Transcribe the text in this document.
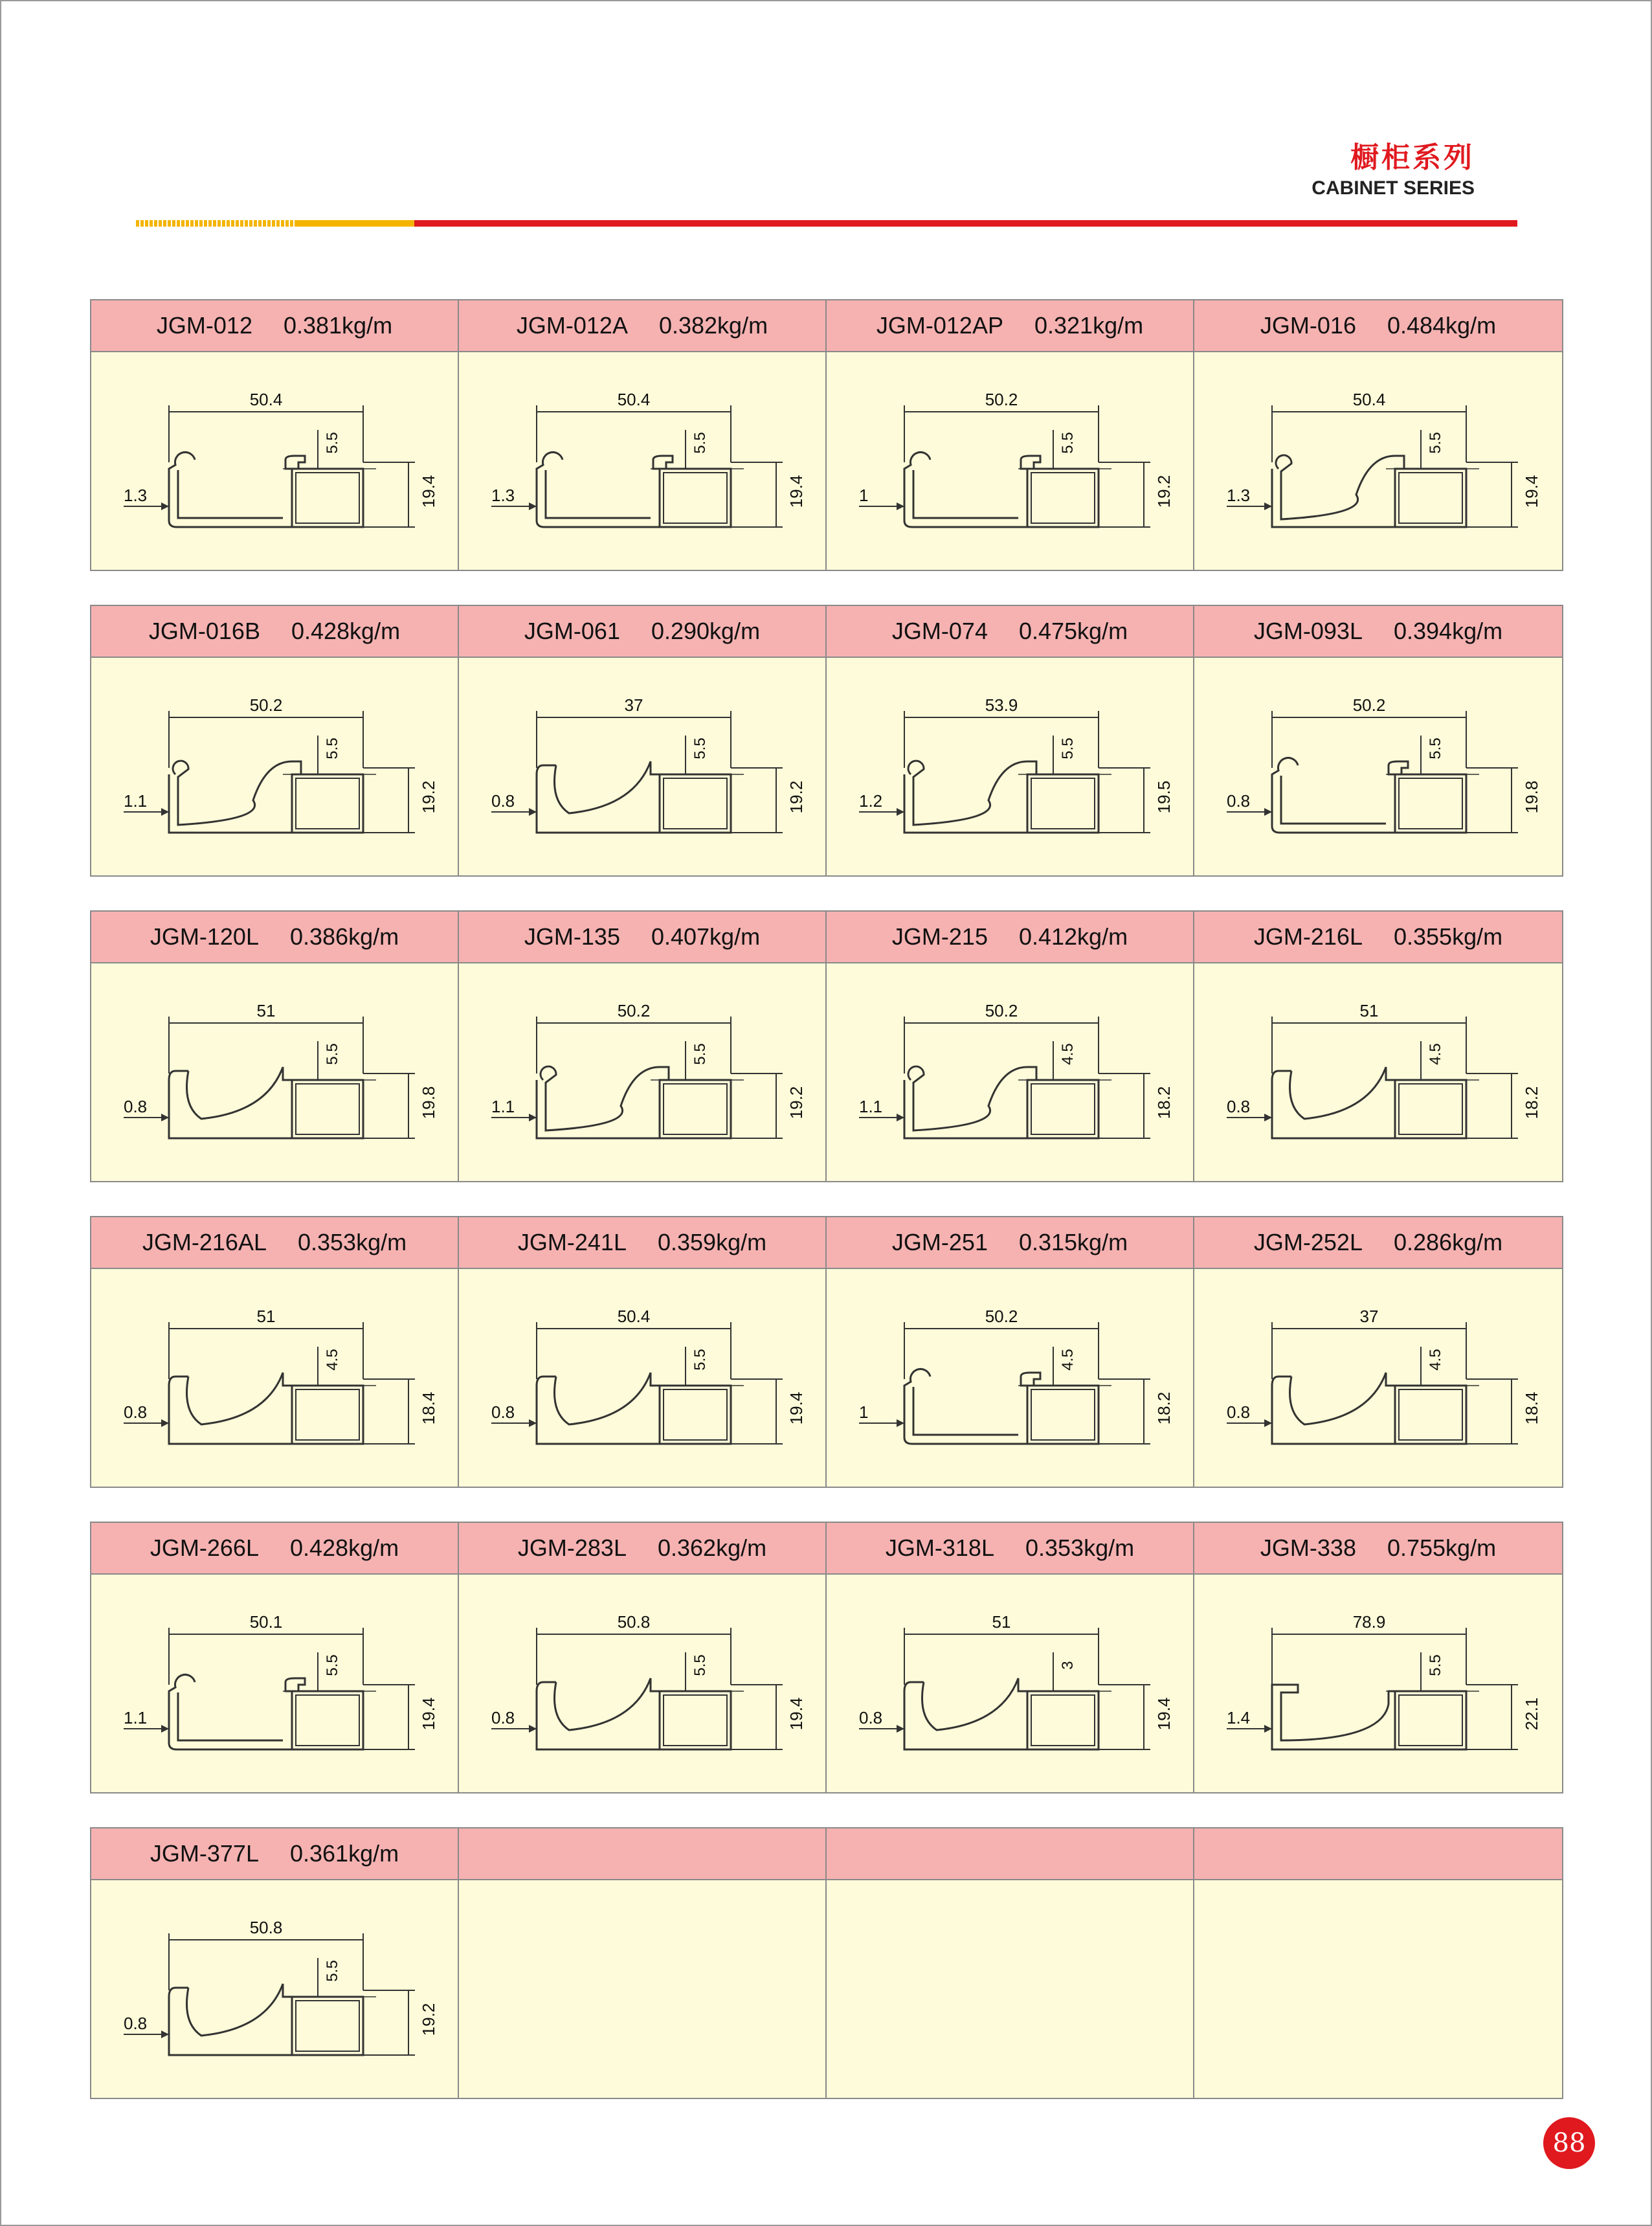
橱柜系列
CABINET SERIES
JGM-012 0.381kg/m
50.4
19.4
5.5
1.3
JGM-012A 0.382kg/m
50.4
19.4
5.5
1.3
JGM-012AP 0.321kg/m
50.2
19.2
5.5
1
JGM-016 0.484kg/m
50.4
19.4
5.5
1.3
JGM-016B 0.428kg/m
50.2
19.2
5.5
1.1
JGM-061 0.290kg/m
37
19.2
5.5
0.8
JGM-074 0.475kg/m
53.9
19.5
5.5
1.2
JGM-093L 0.394kg/m
50.2
19.8
5.5
0.8
JGM-120L 0.386kg/m
51
19.8
5.5
0.8
JGM-135 0.407kg/m
50.2
19.2
5.5
1.1
JGM-215 0.412kg/m
50.2
18.2
4.5
1.1
JGM-216L 0.355kg/m
51
18.2
4.5
0.8
JGM-216AL 0.353kg/m
51
18.4
4.5
0.8
JGM-241L 0.359kg/m
50.4
19.4
5.5
0.8
JGM-251 0.315kg/m
50.2
18.2
4.5
1
JGM-252L 0.286kg/m
37
18.4
4.5
0.8
JGM-266L 0.428kg/m
50.1
19.4
5.5
1.1
JGM-283L 0.362kg/m
50.8
19.4
5.5
0.8
JGM-318L 0.353kg/m
51
19.4
3
0.8
JGM-338 0.755kg/m
78.9
22.1
5.5
1.4
JGM-377L 0.361kg/m
50.8
19.2
5.5
0.8
88
